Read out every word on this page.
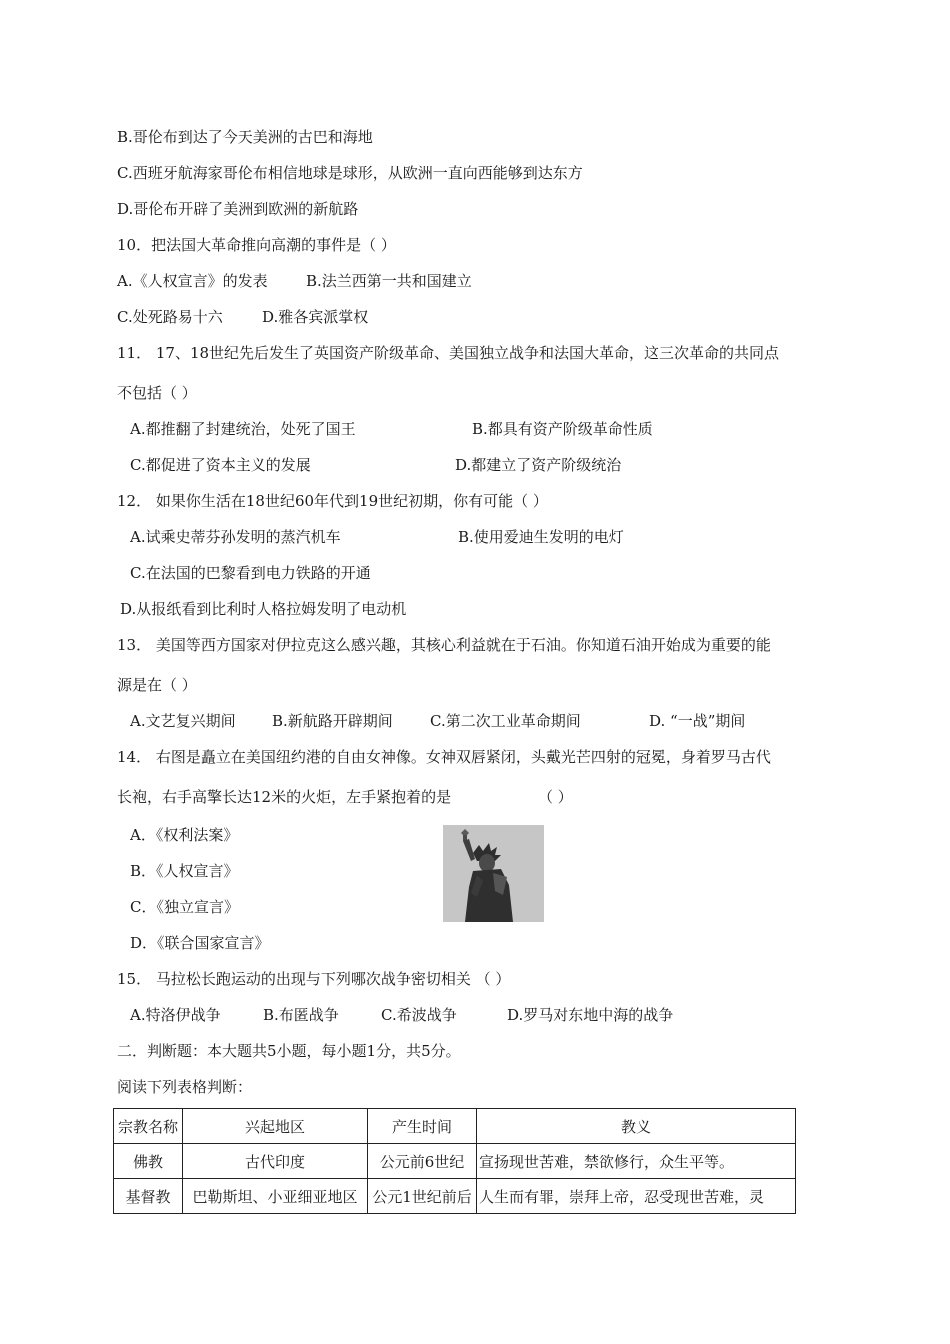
B.哥伦布到达了今天美洲的古巴和海地
C.西班牙航海家哥伦布相信地球是球形，从欧洲一直向西能够到达东方
D.哥伦布开辟了美洲到欧洲的新航路
10．把法国大革命推向高潮的事件是（ ）
A.《人权宣言》的发表	B.法兰西第一共和国建立
C.处死路易十六	D.雅各宾派掌权
11． 17、18世纪先后发生了英国资产阶级革命、美国独立战争和法国大革命，这三次革命的共同点
不包括（ ）
A.都推翻了封建统治，处死了国王	B.都具有资产阶级革命性质
C.都促进了资本主义的发展	D.都建立了资产阶级统治
12． 如果你生活在18世纪60年代到19世纪初期，你有可能（ ）
A.试乘史蒂芬孙发明的蒸汽机车	B.使用爱迪生发明的电灯
C.在法国的巴黎看到电力铁路的开通
D.从报纸看到比利时人格拉姆发明了电动机
13． 美国等西方国家对伊拉克这么感兴趣，其核心利益就在于石油。你知道石油开始成为重要的能
源是在（ ）
A.文艺复兴期间 B.新航路开辟期间 C.第二次工业革命期间	D. “一战”期间
14． 右图是矗立在美国纽约港的自由女神像。女神双唇紧闭，头戴光芒四射的冠冕，身着罗马古代
长袍，右手高擎长达12米的火炬，左手紧抱着的是	（ ）
A．《权利法案》
B．《人权宣言》
C．《独立宣言》
D．《联合国家宣言》
15． 马拉松长跑运动的出现与下列哪次战争密切相关 （ ）
A.特洛伊战争	B.布匿战争	C.希波战争	D.罗马对东地中海的战争
二．判断题：本大题共5小题，每小题1分，共5分。
阅读下列表格判断：
宗教名称	兴起地区	产生时间	教义
佛教	古代印度	公元前6世纪	宣扬现世苦难，禁欲修行，众生平等。
基督教	巴勒斯坦、小亚细亚地区	公元1世纪前后	人生而有罪，崇拜上帝，忍受现世苦难，灵
